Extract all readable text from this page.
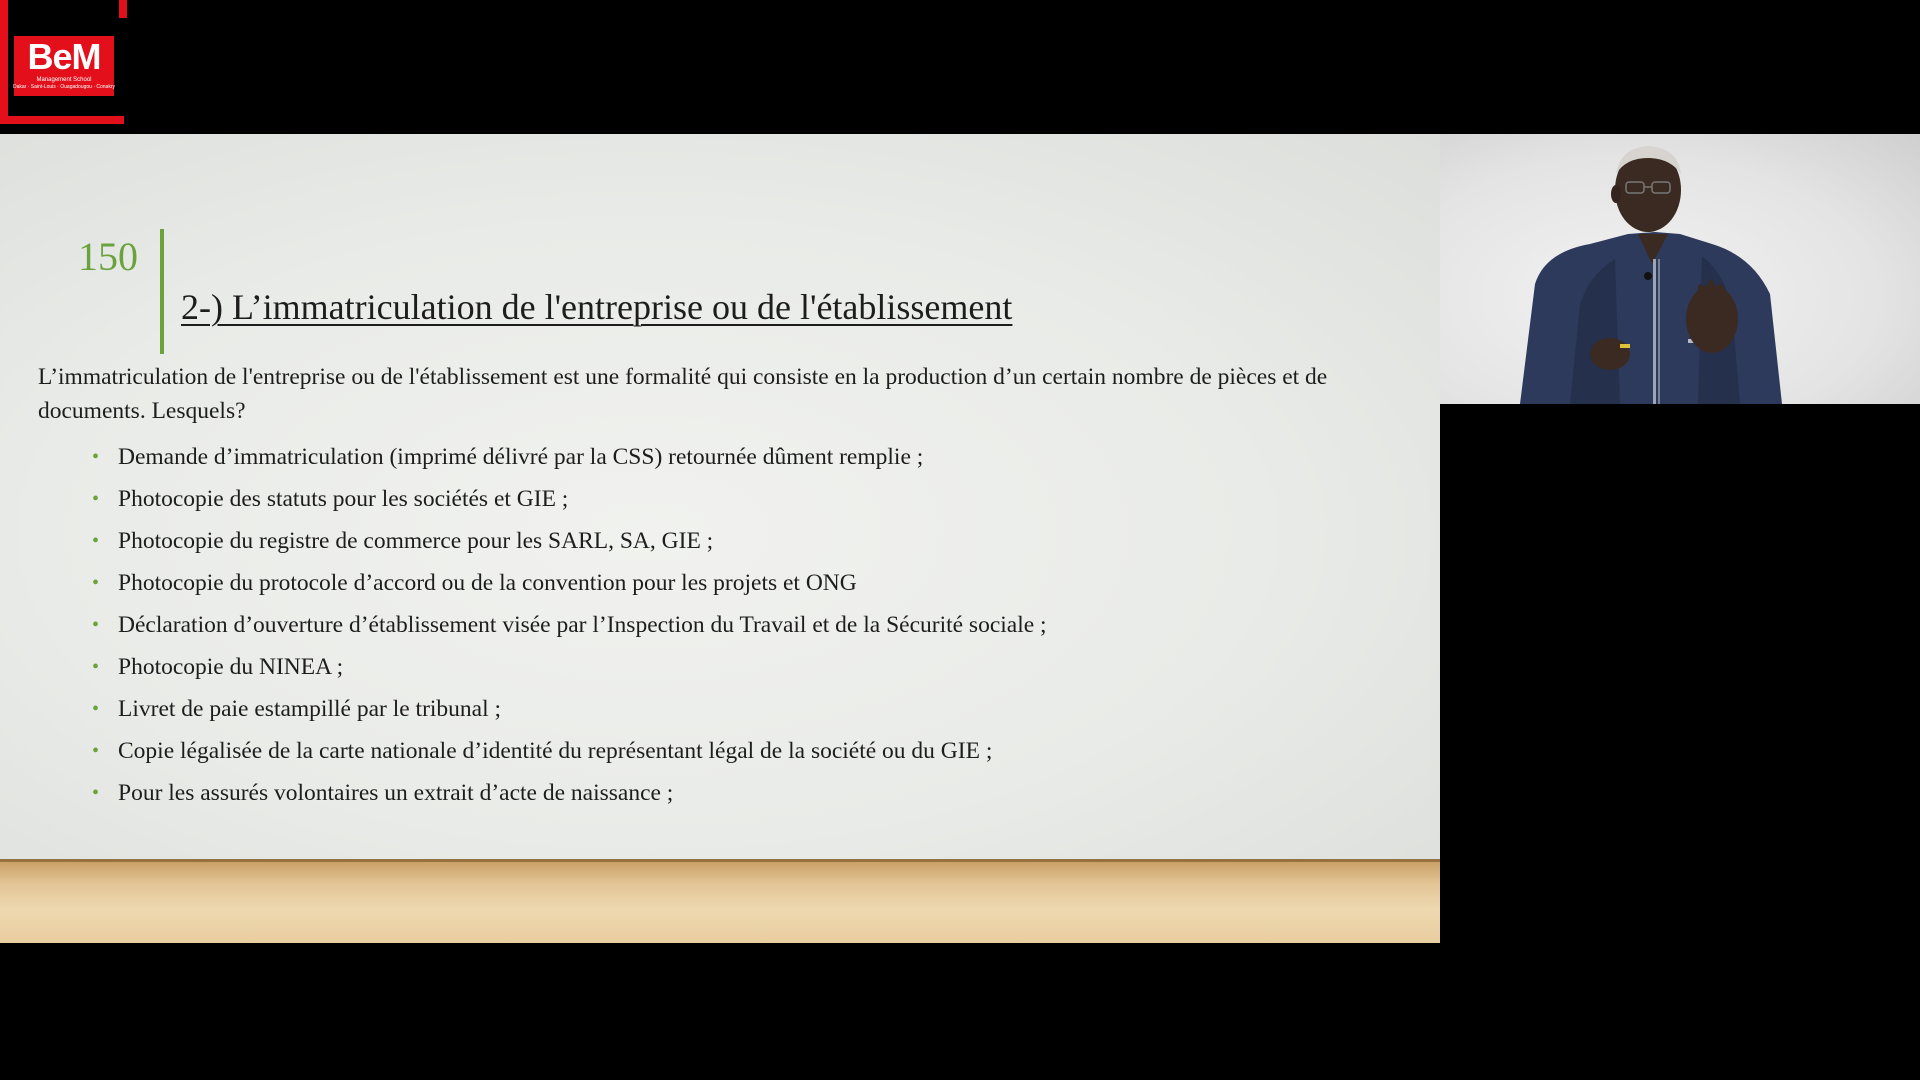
BeM
Management School
Dakar · Saint-Louis · Ouagadougou · Conakry
150
2-) L’immatriculation de l'entreprise ou de l'établissement
L’immatriculation de l'entreprise ou de l'établissement est une formalité qui consiste en la production d’un certain nombre de pièces et de documents. Lesquels?
• Demande d’immatriculation (imprimé délivré par la CSS) retournée dûment remplie ;
• Photocopie des statuts pour les sociétés et GIE ;
• Photocopie du registre de commerce pour les SARL, SA, GIE ;
• Photocopie du protocole d’accord ou de la convention pour les projets et ONG
• Déclaration d’ouverture d’établissement visée par l’Inspection du Travail et de la Sécurité sociale ;
• Photocopie du NINEA ;
• Livret de paie estampillé par le tribunal ;
• Copie légalisée de la carte nationale d’identité du représentant légal de la société ou du GIE ;
• Pour les assurés volontaires un extrait d’acte de naissance ;
